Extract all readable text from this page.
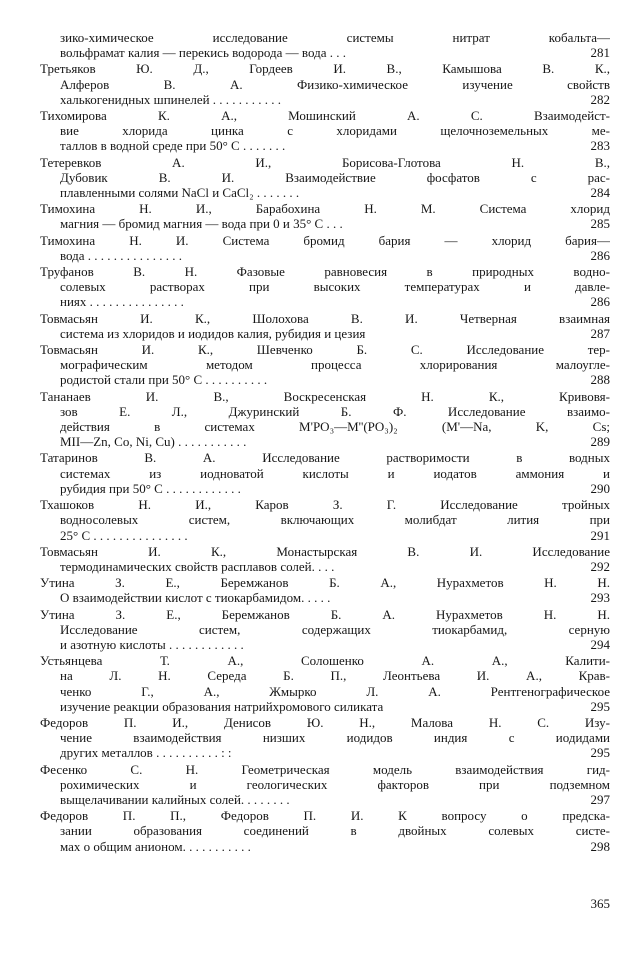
зико-химическое исследование системы нитрат кобальта—
вольфрамат калия — перекись водорода — вода . . .	281
Третьяков Ю. Д., Гордеев И. В., Камышова В. К.,
Алферов В. А. Физико-химическое изучение свойств
халькогенидных шпинелей . . . . . . . . . . .	282
Тихомирова К. А., Мошинский А. С. Взаимодейст-
вие хлорида цинка с хлоридами щелочноземельных ме-
таллов в водной среде при 50° С . . . . . . .	283
Тетеревков А. И., Борисова-Глотова Н. В.,
Дубовик В. И. Взаимодействие фосфатов с рас-
плавленными солями NaCl и CaCl₂ . . . . . . .	284
Тимохина Н. И., Барабохина Н. М. Система хлорид
магния — бромид магния — вода при 0 и 35° С . . .	285
Тимохина Н. И. Система бромид бария — хлорид бария—
вода . . . . . . . . . . . . . . .	286
Труфанов В. Н. Фазовые равновесия в природных водно-
солевых растворах при высоких температурах и давле-
ниях . . . . . . . . . . . . . . .	286
Товмасьян И. К., Шолохова В. И. Четверная взаимная
система из хлоридов и иодидов калия, рубидия и цезия	287
Товмасьян И. К., Шевченко Б. С. Исследование тер-
мографическим методом процесса хлорирования малоугле-
родистой стали при 50° С . . . . . . . . . .	288
Тананаев И. В., Воскресенская Н. К., Кривовя-
зов Е. Л., Джуринский Б. Ф. Исследование взаимо-
действия в системах M'PO₃—M''(PO₃)₂ (M'—Na, K, Cs;
MII—Zn, Co, Ni, Cu) . . . . . . . . . . .	289
Татаринов В. А. Исследование растворимости в водных
системах из иодноватой кислоты и иодатов аммония и
рубидия при 50° С . . . . . . . . . . . .	290
Тхашоков Н. И., Каров З. Г. Исследование тройных
водносолевых систем, включающих молибдат лития при
25° С . . . . . . . . . . . . . . .	291
Товмасьян И. К., Монастырская В. И. Исследование
термодинамических свойств расплавов солей. . . .	292
Утина З. Е., Беремжанов Б. А., Нурахметов Н. Н.
О взаимодействии кислот с тиокарбамидом. . . . .	293
Утина З. Е., Беремжанов Б. А. Нурахметов Н. Н.
Исследование систем, содержащих тиокарбамид, серную
и азотную кислоты . . . . . . . . . . . .	294
Устьянцева Т. А., Солошенко А. А., Калити-
на Л. Н. Середа Б. П., Леонтьева И. А., Крав-
ченко Г., А., Жмырко Л. А. Рентгенографическое
изучение реакции образования натрийхромового силиката	295
Федоров П. И., Денисов Ю. Н., Малова Н. С. Изу-
чение взаимодействия низших иодидов индия с иодидами
других металлов . . . . . . . . . . : :	295
Фесенко С. Н. Геометрическая модель взаимодействия гид-
рохимических и геологических факторов при подземном
выщелачивании калийных солей. . . . . . . .	297
Федоров П. П., Федоров П. И. К вопросу о предска-
зании образования соединений в двойных солевых систе-
мах о общим анионом. . . . . . . . . . .	298
365
